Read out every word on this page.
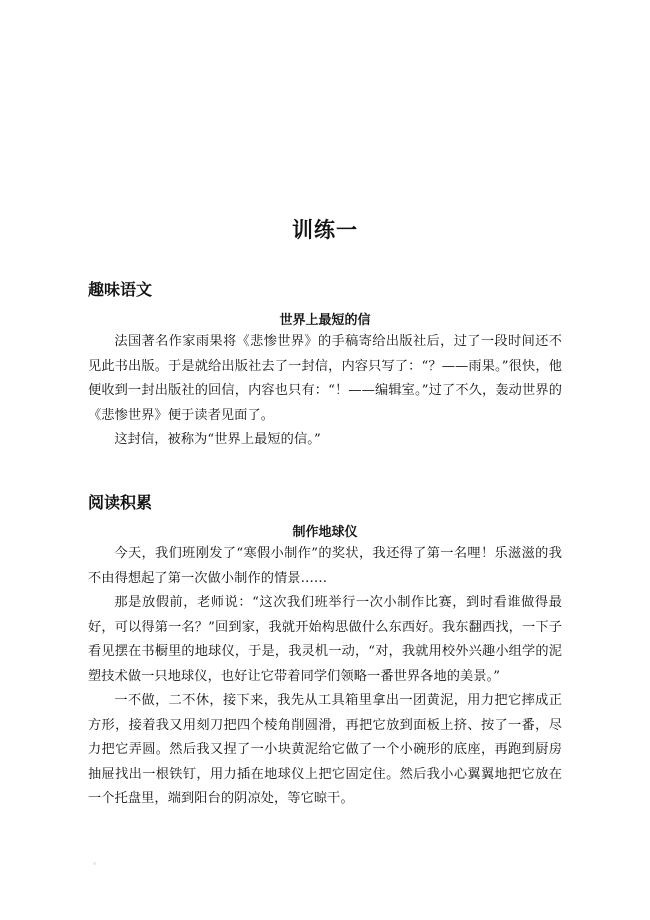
训练一
趣味语文
世界上最短的信

法国著名作家雨果将《悲惨世界》的手稿寄给出版社后，过了一段时间还不见此书出版。于是就给出版社去了一封信，内容只写了：“？——雨果。”很快，他便收到一封出版社的回信，内容也只有：“！——编辑室。”过了不久，轰动世界的《悲惨世界》便于读者见面了。

这封信，被称为“世界上最短的信。”

阅读积累
制作地球仪

今天，我们班刚发了“寒假小制作”的奖状，我还得了第一名哩！乐滋滋的我不由得想起了第一次做小制作的情景……

那是放假前，老师说：“这次我们班举行一次小制作比赛，到时看谁做得最好，可以得第一名？”回到家，我就开始构思做什么东西好。我东翻西找，一下子看见摆在书橱里的地球仪，于是，我灵机一动，“对，我就用校外兴趣小组学的泥塑技术做一只地球仪，也好让它带着同学们领略一番世界各地的美景。”

一不做，二不休，接下来，我先从工具箱里拿出一团黄泥，用力把它摔成正方形，接着我又用刻刀把四个棱角削圆滑，再把它放到面板上挤、按了一番，尽力把它弄圆。然后我又捏了一小块黄泥给它做了一个小碗形的底座，再跑到厨房抽屉找出一根铁钉，用力插在地球仪上把它固定住。然后我小心翼翼地把它放在一个托盘里，端到阳台的阴凉处，等它晾干。
